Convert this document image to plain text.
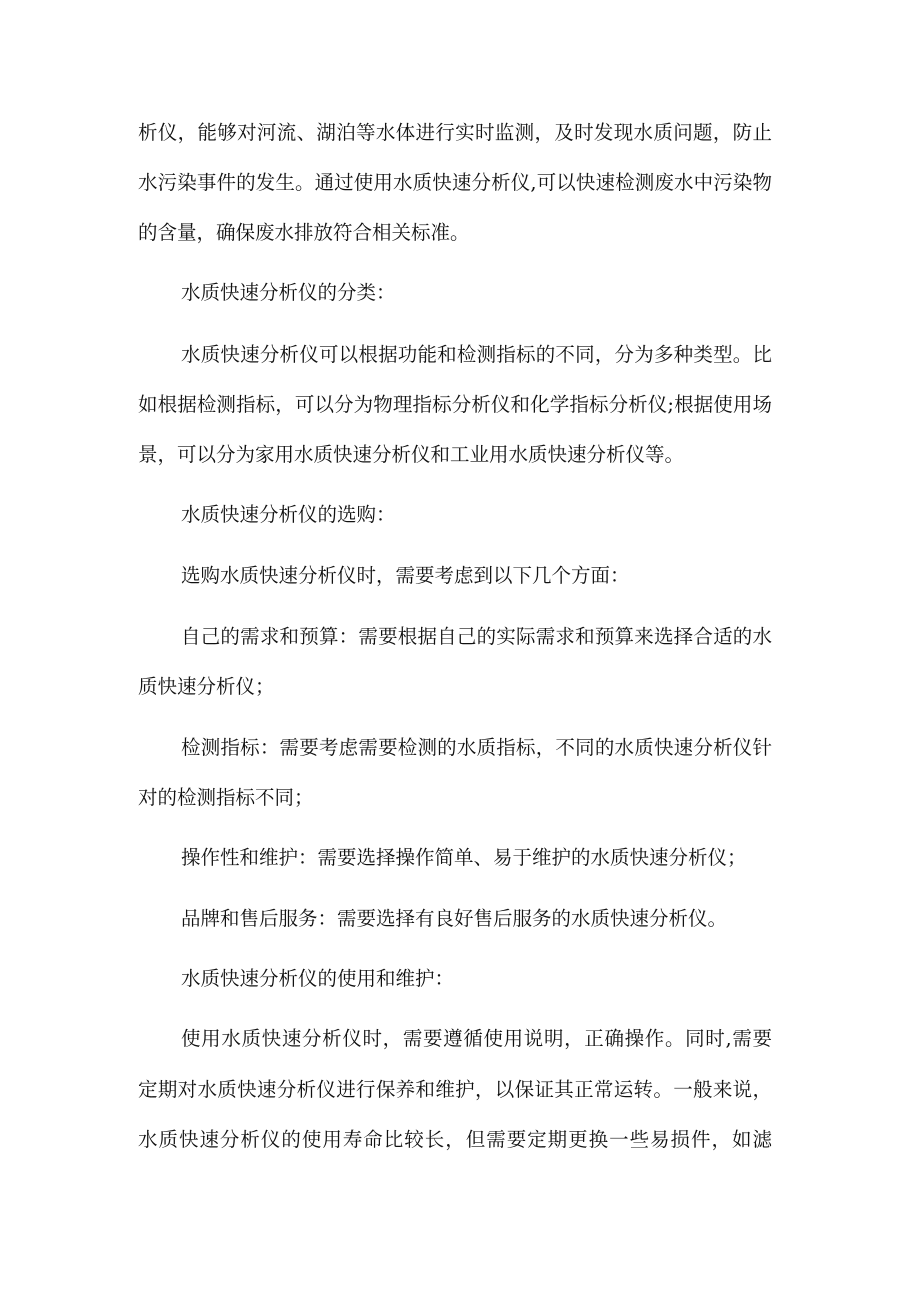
析仪，能够对河流、湖泊等水体进行实时监测，及时发现水质问题，防止
水污染事件的发生。通过使用水质快速分析仪,可以快速检测废水中污染物
的含量，确保废水排放符合相关标准。
水质快速分析仪的分类：
水质快速分析仪可以根据功能和检测指标的不同，分为多种类型。比
如根据检测指标，可以分为物理指标分析仪和化学指标分析仪;根据使用场
景，可以分为家用水质快速分析仪和工业用水质快速分析仪等。
水质快速分析仪的选购：
选购水质快速分析仪时，需要考虑到以下几个方面：
自己的需求和预算：需要根据自己的实际需求和预算来选择合适的水
质快速分析仪；
检测指标：需要考虑需要检测的水质指标，不同的水质快速分析仪针
对的检测指标不同；
操作性和维护：需要选择操作简单、易于维护的水质快速分析仪；
品牌和售后服务：需要选择有良好售后服务的水质快速分析仪。
水质快速分析仪的使用和维护：
使用水质快速分析仪时，需要遵循使用说明，正确操作。同时,需要
定期对水质快速分析仪进行保养和维护，以保证其正常运转。一般来说，
水质快速分析仪的使用寿命比较长，但需要定期更换一些易损件，如滤
